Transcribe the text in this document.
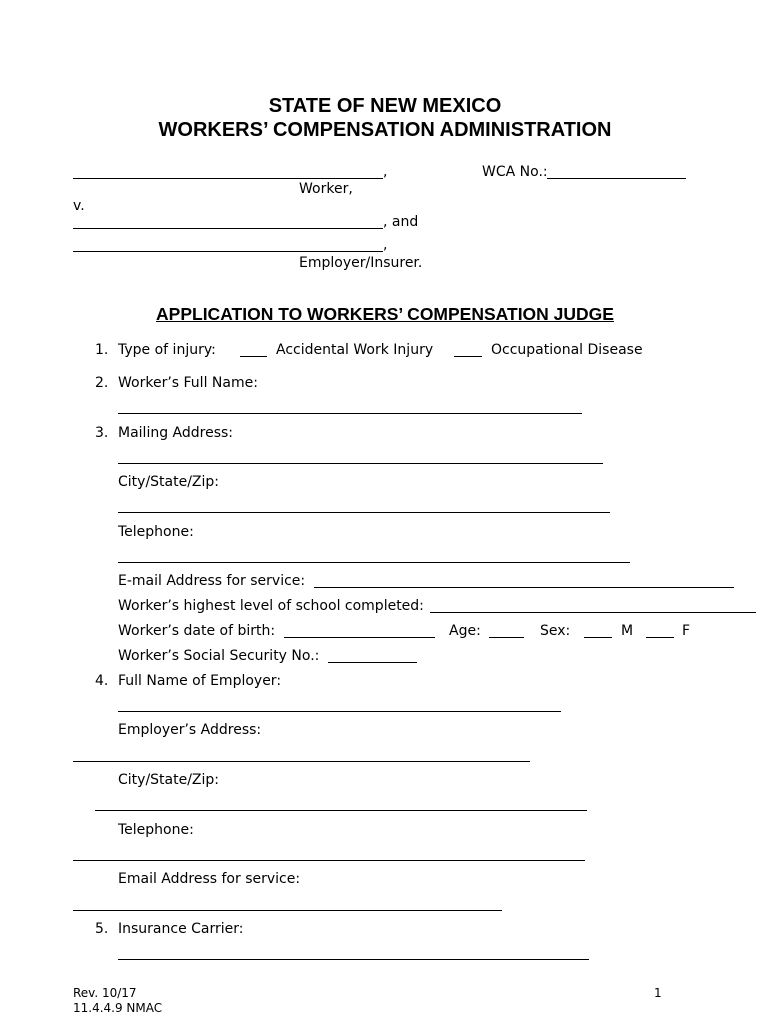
STATE OF NEW MEXICO
WORKERS’ COMPENSATION ADMINISTRATION
,	WCA No.:
Worker,
v.
, and
,
Employer/Insurer.
APPLICATION TO WORKERS’ COMPENSATION JUDGE
1. Type of injury:	Accidental Work Injury	Occupational Disease
2. Worker’s Full Name:
3. Mailing Address:
City/State/Zip:
Telephone:
E-mail Address for service:
Worker’s highest level of school completed:
Worker’s date of birth:	Age:	Sex:	M	F
Worker’s Social Security No.:
4. Full Name of Employer:
Employer’s Address:
City/State/Zip:
Telephone:
Email Address for service:
5. Insurance Carrier:
Rev. 10/17
11.4.4.9 NMAC
1
